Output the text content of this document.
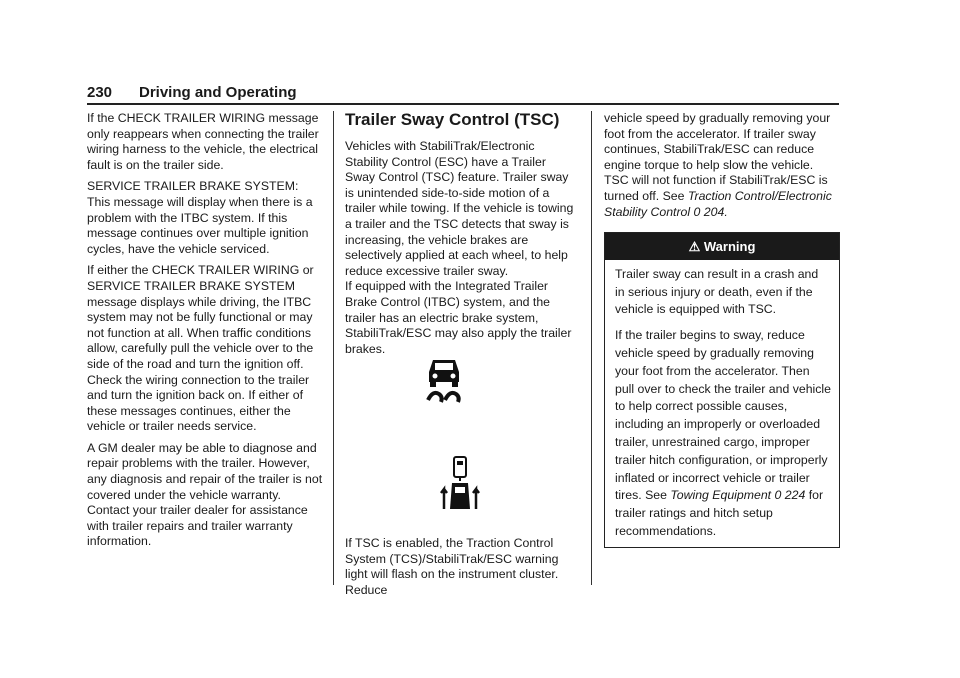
230 Driving and Operating

If the CHECK TRAILER WIRING message only reappears when connecting the trailer wiring harness to the vehicle, the electrical fault is on the trailer side.

SERVICE TRAILER BRAKE SYSTEM: This message will display when there is a problem with the ITBC system. If this message continues over multiple ignition cycles, have the vehicle serviced.

If either the CHECK TRAILER WIRING or SERVICE TRAILER BRAKE SYSTEM message displays while driving, the ITBC system may not be fully functional or may not function at all. When traffic conditions allow, carefully pull the vehicle over to the side of the road and turn the ignition off. Check the wiring connection to the trailer and turn the ignition back on. If either of these messages continues, either the vehicle or trailer needs service.

A GM dealer may be able to diagnose and repair problems with the trailer. However, any diagnosis and repair of the trailer is not covered under the vehicle warranty. Contact your trailer dealer for assistance with trailer repairs and trailer warranty information.

Trailer Sway Control (TSC)

Vehicles with StabiliTrak/Electronic Stability Control (ESC) have a Trailer Sway Control (TSC) feature. Trailer sway is unintended side-to-side motion of a trailer while towing. If the vehicle is towing a trailer and the TSC detects that sway is increasing, the vehicle brakes are selectively applied at each wheel, to help reduce excessive trailer sway.

If equipped with the Integrated Trailer Brake Control (ITBC) system, and the trailer has an electric brake system, StabiliTrak/ESC may also apply the trailer brakes.

If TSC is enabled, the Traction Control System (TCS)/StabiliTrak/ESC warning light will flash on the instrument cluster. Reduce

vehicle speed by gradually removing your foot from the accelerator. If trailer sway continues, StabiliTrak/ESC can reduce engine torque to help slow the vehicle. TSC will not function if StabiliTrak/ESC is turned off. See Traction Control/Electronic Stability Control 0 204.

⚠ Warning

Trailer sway can result in a crash and in serious injury or death, even if the vehicle is equipped with TSC.

If the trailer begins to sway, reduce vehicle speed by gradually removing your foot from the accelerator. Then pull over to check the trailer and vehicle to help correct possible causes, including an improperly or overloaded trailer, unrestrained cargo, improper trailer hitch configuration, or improperly inflated or incorrect vehicle or trailer tires. See Towing Equipment 0 224 for trailer ratings and hitch setup recommendations.
